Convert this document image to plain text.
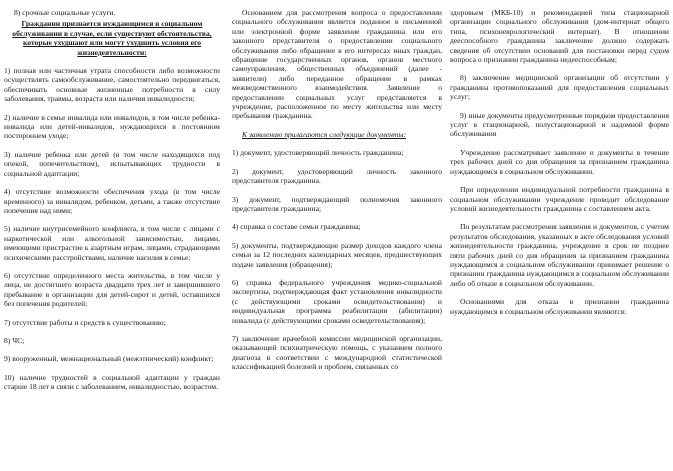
8) срочные социальные услуги.

Гражданин признается нуждающимся в социальном обслуживании в случае, если существуют обстоятельства, которые ухудшают или могут ухудшить условия его жизнедеятельности:

1) полная или частичная утрата способности либо возможности осуществлять самообслуживание, самостоятельно передвигаться, обеспечивать основные жизненные потребности в силу заболевания, травмы, возраста или наличия инвалидности;

2) наличие в семье инвалида или инвалидов, в том числе ребенка-инвалида или детей-инвалидов, нуждающихся в постоянном постороннем уходе;

3) наличие ребенка или детей (в том числе находящихся под опекой, попечительством), испытывающих трудности в социальной адаптации;

4) отсутствие возможности обеспечения ухода (в том числе временного) за инвалидом, ребенком, детьми, а также отсутствие попечения над ними;

5) наличие внутрисемейного конфликта, в том числе с лицами с наркотической или алкогольной зависимостью, лицами, имеющими пристрастие к азартным играм, лицами, страдающими психическими расстройствами, наличие насилия в семье;

6) отсутствие определенного места жительства, в том числе у лица, не достигшего возраста двадцати трех лет и завершившего пребывание в организации для детей-сирот и детей, оставшихся без попечения родителей;

7) отсутствие работы и средств к существованию;

8) ЧС;

9) вооруженный, межнациональный (межэтнический) конфликт;

10) наличие трудностей в социальной адаптации у граждан старше 18 лет в связи с заболеванием, инвалидностью, возрастом.

Основанием для рассмотрения вопроса о предоставлении социального обслуживания является поданное в письменной или электронной форме заявление гражданина или его законного представителя о предоставлении социального обслуживания либо обращение в его интересах иных граждан, обращение государственных органов, органов местного самоуправления, общественных объединений (далее - заявители) либо переданное обращение в рамках межведомственного взаимодействия. Заявление о предоставлении социальных услуг представляется в учреждение, расположенное по месту жительства или месту пребывания гражданина.

К заявлению прилагаются следующие документы:

1) документ, удостоверяющий личность гражданина;

2) документ, удостоверяющий личность законного представителя гражданина.

3) документ, подтверждающий полномочия законного представителя гражданина;

4) справка о составе семьи гражданина;

5) документы, подтверждающие размер доходов каждого члена семьи за 12 последних календарных месяцев, предшествующих подаче заявления (обращения);

6) справка федерального учреждения медико-социальной экспертизы, подтверждающая факт установления инвалидности (с действующими сроками освидетельствования) и индивидуальная программа реабилитации (абилитации) инвалида (с действующими сроками освидетельствования);

7) заключение врачебной комиссии медицинской организации, оказывающей психиатрическую помощь, с указанием полного диагноза в соответствии с международной статистической классификацией болезней и проблем, связанных со

здоровьем (МКБ-10) и рекомендацией типа стационарной организации социального обслуживания (дом-интернат общего типа, психоневрологический интернат). В отношении дееспособного гражданина заключение должно содержать сведения об отсутствии оснований для постановки перед судом вопроса о признании гражданина недееспособным;

8) заключение медицинской организации об отсутствии у гражданина противопоказаний для предоставления социальных услуг;

9) иные документы предусмотренные порядком предоставления услуг в стационарной, полустационарной и надомной форме обслуживания

Учреждение рассматривает заявление и документы в течение трех рабочих дней со дня обращения за признанием гражданина нуждающимся в социальном обслуживании.

При определении индивидуальной потребности гражданина в социальном обслуживании учреждение проводит обследование условий жизнедеятельности гражданина с составлением акта.

По результатам рассмотрения заявления и документов, с учетом результатов обследования, указанных в акте обследования условий жизнедеятельности гражданина, учреждение в срок не позднее пяти рабочих дней со дня обращения за признанием гражданина нуждающимся в социальном обслуживании принимает решение о признании гражданина нуждающимся в социальном обслуживании либо об отказе в социальном обслуживании.

Основаниями для отказа в признании гражданина нуждающимся в социальном обслуживании являются:
